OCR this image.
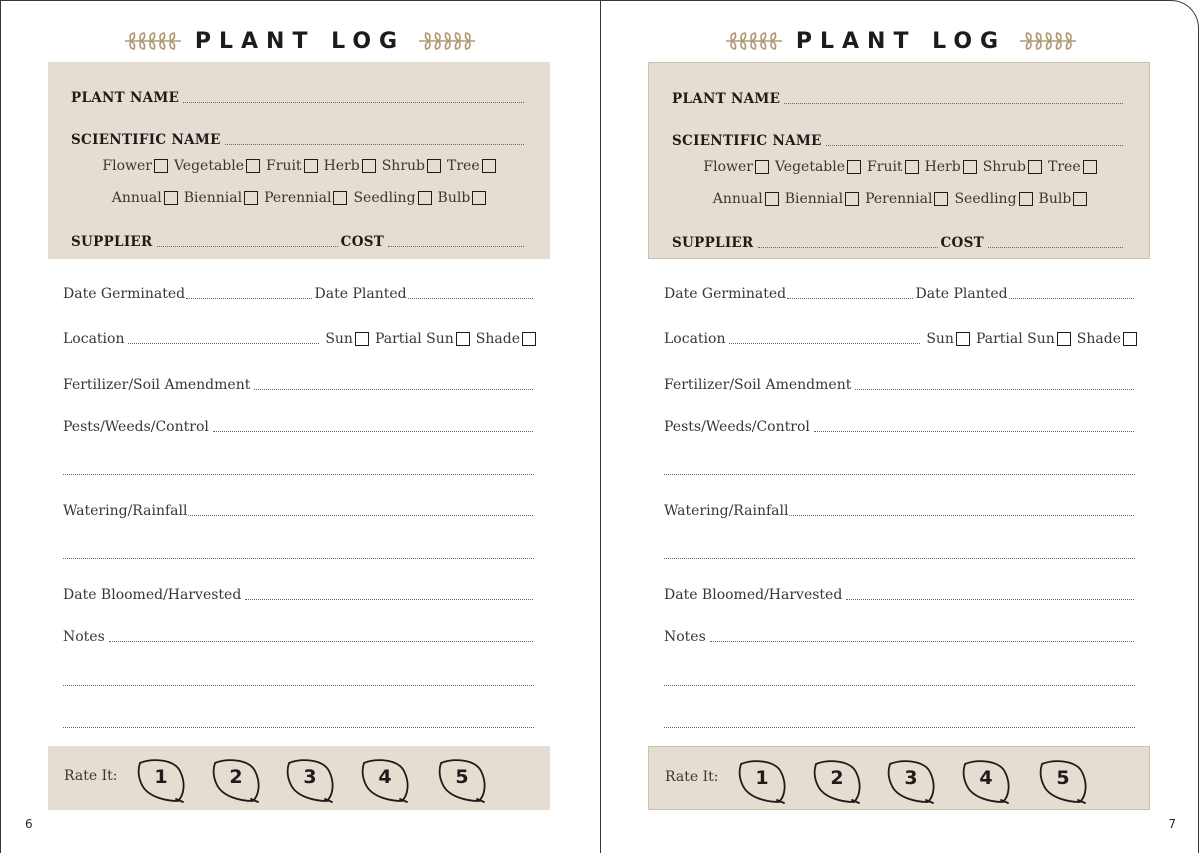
PLANT LOG
PLANT NAME
SCIENTIFIC NAME
Flower Vegetable Fruit Herb Shrub Tree
Annual Biennial Perennial Seedling Bulb
SUPPLIER	COST
Date Germinated	Date Planted
Location	Sun Partial Sun Shade
Fertilizer/Soil Amendment
Pests/Weeds/Control
Watering/Rainfall
Date Bloomed/Harvested
Notes
Rate It:	1	2	3	4	5
6
PLANT LOG
PLANT NAME
SCIENTIFIC NAME
Flower Vegetable Fruit Herb Shrub Tree
Annual Biennial Perennial Seedling Bulb
SUPPLIER	COST
Date Germinated	Date Planted
Location	Sun Partial Sun Shade
Fertilizer/Soil Amendment
Pests/Weeds/Control
Watering/Rainfall
Date Bloomed/Harvested
Notes
Rate It:	1	2	3	4	5
7
